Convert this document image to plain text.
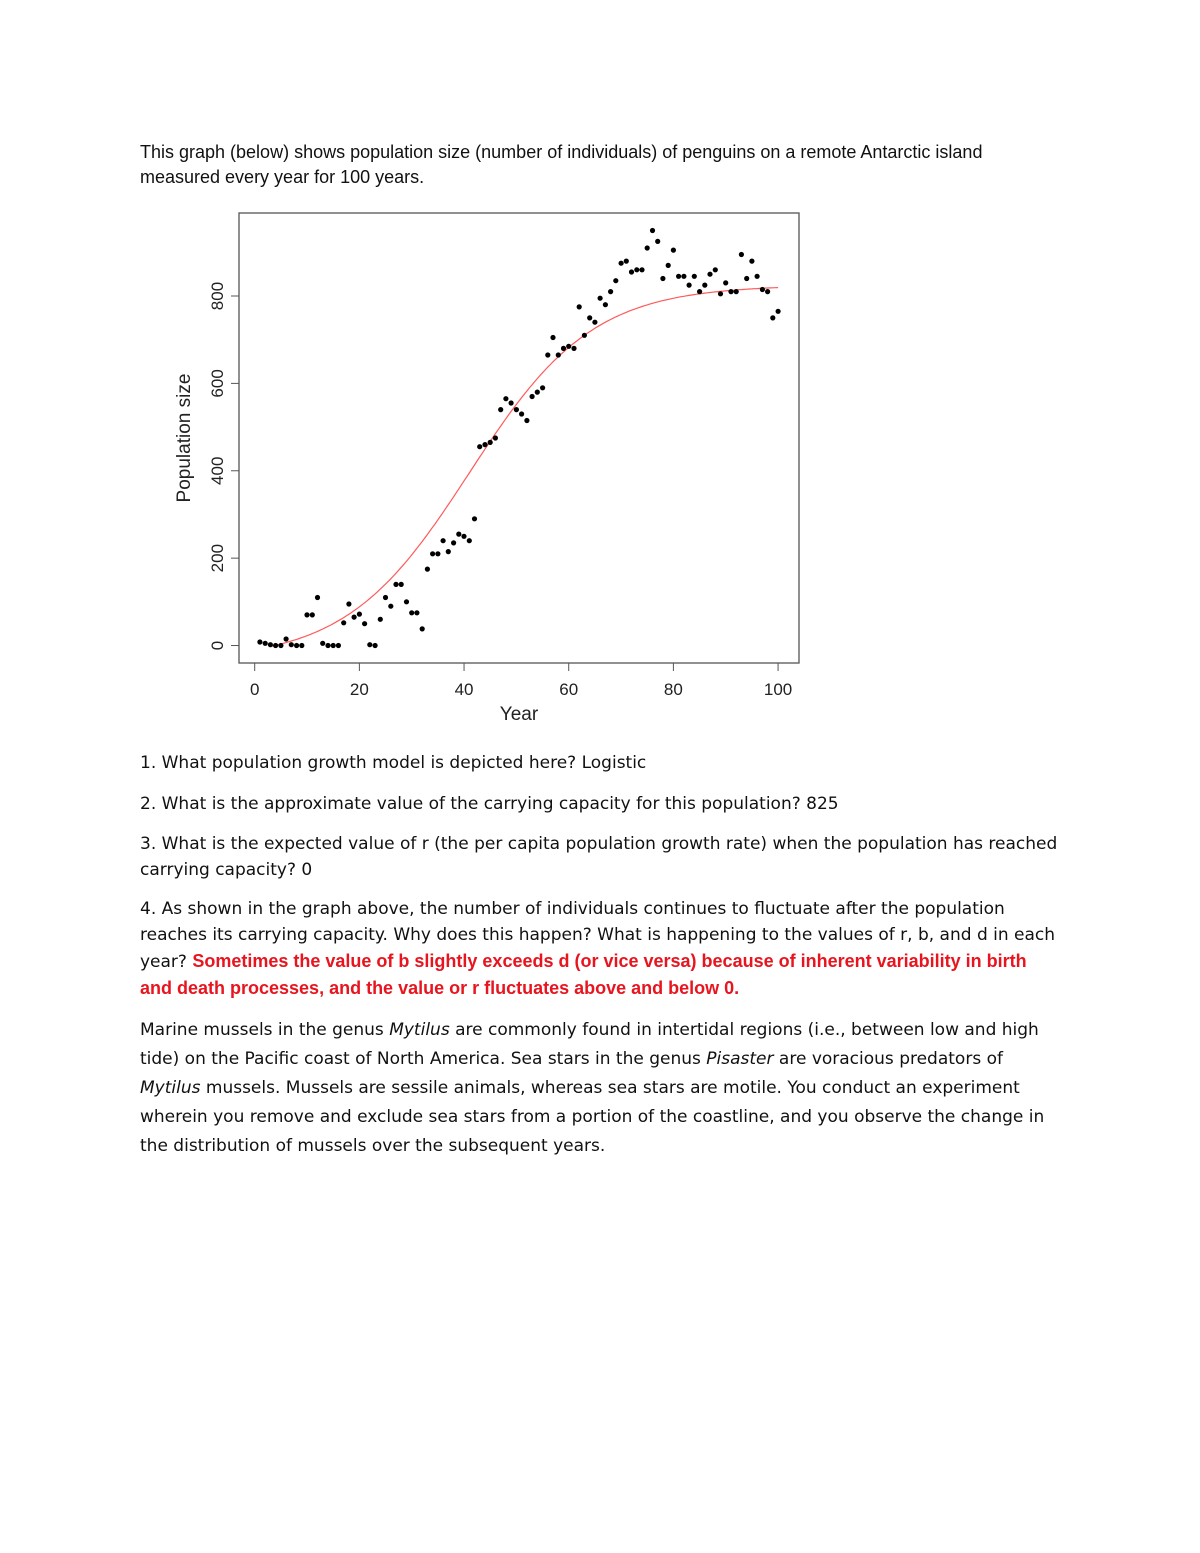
This graph (below) shows population size (number of individuals) of penguins on a remote Antarctic island measured every year for 100 years.
0	20	40	60	80	100
0
200
400
600
800
Year
Population size
1. What population growth model is depicted here? Logistic
2. What is the approximate value of the carrying capacity for this population? 825
3. What is the expected value of r (the per capita population growth rate) when the population has reached carrying capacity? 0
4. As shown in the graph above, the number of individuals continues to fluctuate after the population reaches its carrying capacity. Why does this happen? What is happening to the values of r, b, and d in each year? Sometimes the value of b slightly exceeds d (or vice versa) because of inherent variability in birth and death processes, and the value or r fluctuates above and below 0.
Marine mussels in the genus Mytilus are commonly found in intertidal regions (i.e., between low and high tide) on the Pacific coast of North America. Sea stars in the genus Pisaster are voracious predators of Mytilus mussels. Mussels are sessile animals, whereas sea stars are motile. You conduct an experiment wherein you remove and exclude sea stars from a portion of the coastline, and you observe the change in the distribution of mussels over the subsequent years.
